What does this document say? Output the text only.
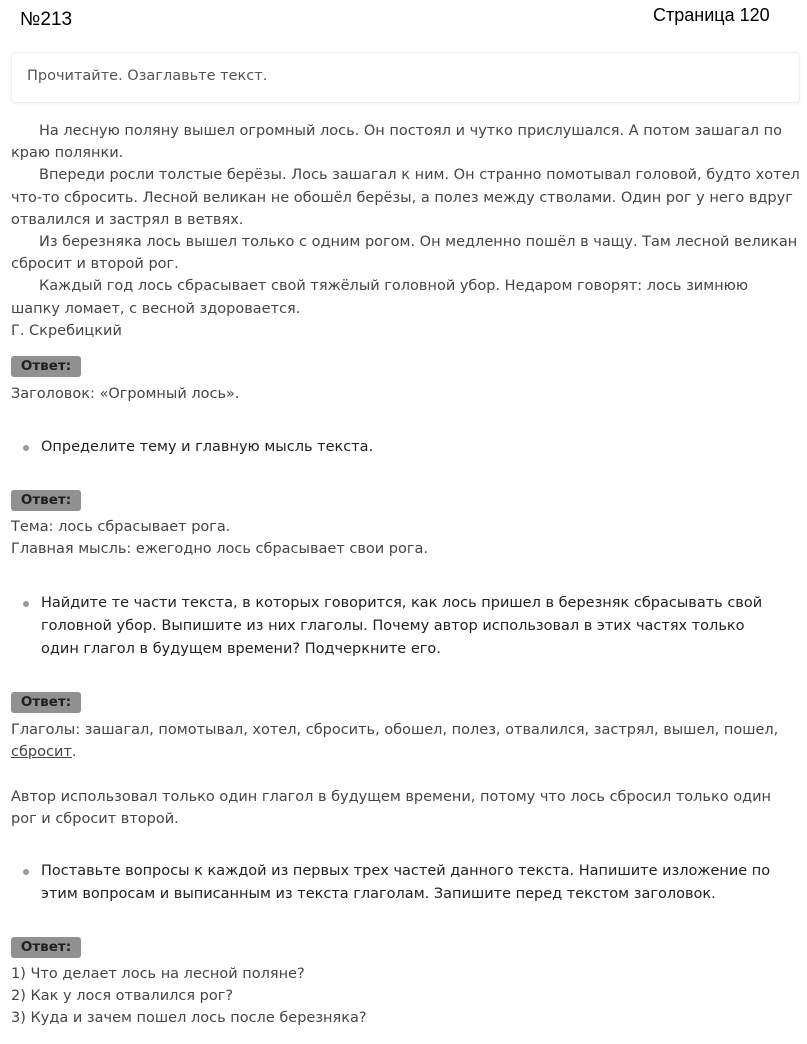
№213	Страница 120
Прочитайте. Озаглавьте текст.

На лесную поляну вышел огромный лось. Он постоял и чутко прислушался. А потом зашагал по краю полянки.

Впереди росли толстые берёзы. Лось зашагал к ним. Он странно помотывал головой, будто хотел что-то сбросить. Лесной великан не обошёл берёзы, а полез между стволами. Один рог у него вдруг отвалился и застрял в ветвях.

Из березняка лось вышел только с одним рогом. Он медленно пошёл в чащу. Там лесной великан сбросит и второй рог.

Каждый год лось сбрасывает свой тяжёлый головной убор. Недаром говорят: лось зимнюю шапку ломает, с весной здоровается.

Г. Скребицкий

Ответ:

Заголовок: «Огромный лось».

Определите тему и главную мысль текста.
Ответ:

Тема: лось сбрасывает рога.

Главная мысль: ежегодно лось сбрасывает свои рога.

Найдите те части текста, в которых говорится, как лось пришел в березняк сбрасывать свой головной убор. Выпишите из них глаголы. Почему автор использовал в этих частях только один глагол в будущем времени? Подчеркните его.
Ответ:

Глаголы: зашагал, помотывал, хотел, сбросить, обошел, полез, отвалился, застрял, вышел, пошел,
сбросит.

Автор использовал только один глагол в будущем времени, потому что лось сбросил только один рог и сбросит второй.

Поставьте вопросы к каждой из первых трех частей данного текста. Напишите изложение по этим вопросам и выписанным из текста глаголам. Запишите перед текстом заголовок.
Ответ:

1) Что делает лось на лесной поляне?

2) Как у лося отвалился рог?

3) Куда и зачем пошел лось после березняка?
